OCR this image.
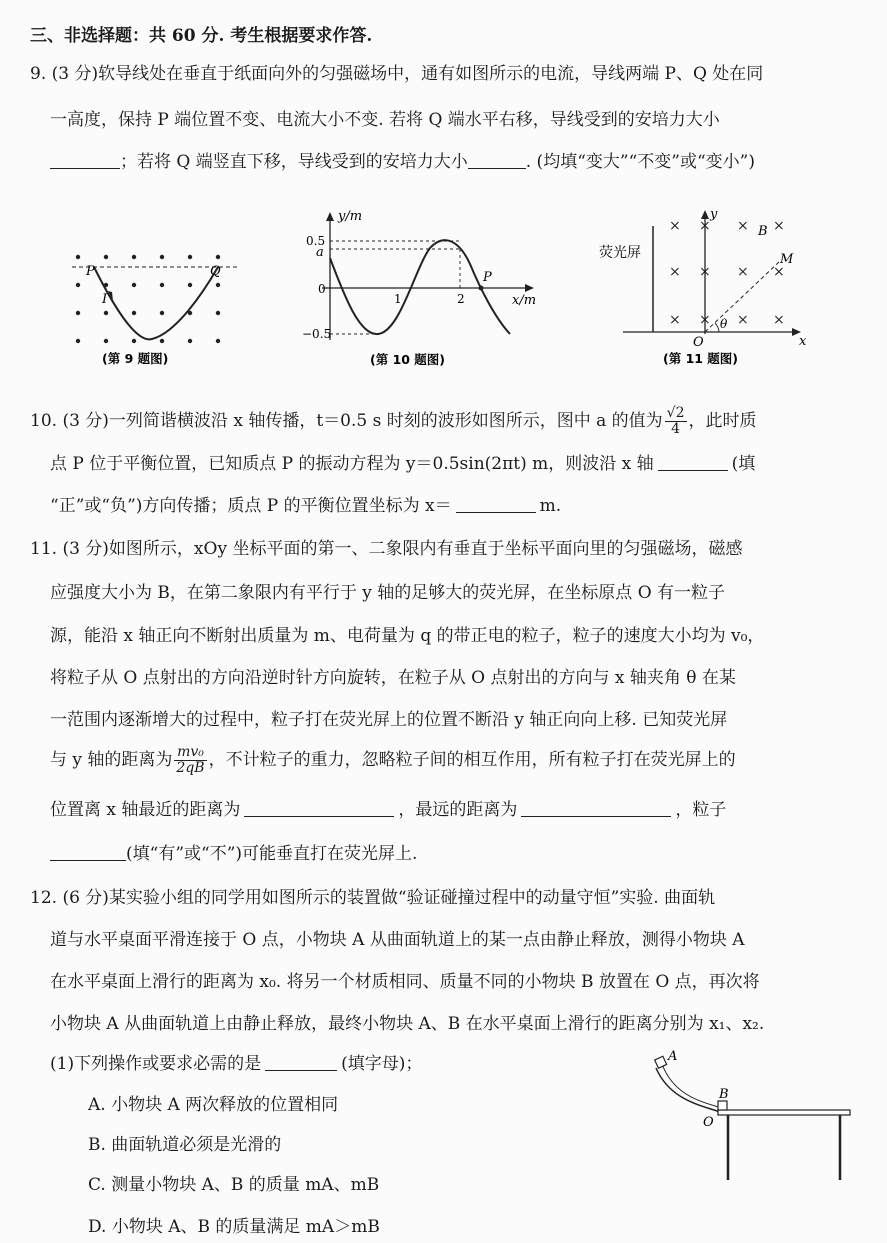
三、非选择题：共 60 分. 考生根据要求作答.
9. (3 分)软导线处在垂直于纸面向外的匀强磁场中，通有如图所示的电流，导线两端 P、Q 处在同
一高度，保持 P 端位置不变、电流大小不变. 若将 Q 端水平右移，导线受到的安培力大小
；若将 Q 端竖直下移，导线受到的安培力大小	. (均填“变大”“不变”或“变小”)
P	Q
I
(第 9 题图)
y/m
x/m
0.5
a
0
−0.5
1	2
P
(第 10 题图)
× × × ×
× × × ×
× × × ×
y
x
O
B
M
θ
荧光屏
(第 11 题图)
10. (3 分)一列简谐横波沿 x 轴传播，t＝0.5 s 时刻的波形如图所示，图中 a 的值为 $\frac{√2}{4}$ ，此时质
点 P 位于平衡位置，已知质点 P 的振动方程为 y＝0.5sin(2πt) m，则波沿 x 轴	(填
“正”或“负”)方向传播；质点 P 的平衡位置坐标为 x＝	m.
11. (3 分)如图所示，xOy 坐标平面的第一、二象限内有垂直于坐标平面向里的匀强磁场，磁感
应强度大小为 B，在第二象限内有平行于 y 轴的足够大的荧光屏，在坐标原点 O 有一粒子
源，能沿 x 轴正向不断射出质量为 m、电荷量为 q 的带正电的粒子，粒子的速度大小均为 v₀，
将粒子从 O 点射出的方向沿逆时针方向旋转，在粒子从 O 点射出的方向与 x 轴夹角 θ 在某
一范围内逐渐增大的过程中，粒子打在荧光屏上的位置不断沿 y 轴正向向上移. 已知荧光屏
与 y 轴的距离为 $\frac{\text{mv₀}}{2qB}$ ，不计粒子的重力，忽略粒子间的相互作用，所有粒子打在荧光屏上的
位置离 x 轴最近的距离为	，最远的距离为	，粒子
(填“有”或“不”)可能垂直打在荧光屏上.
12. (6 分)某实验小组的同学用如图所示的装置做“验证碰撞过程中的动量守恒”实验. 曲面轨
道与水平桌面平滑连接于 O 点，小物块 A 从曲面轨道上的某一点由静止释放，测得小物块 A
在水平桌面上滑行的距离为 x₀. 将另一个材质相同、质量不同的小物块 B 放置在 O 点，再次将
小物块 A 从曲面轨道上由静止释放，最终小物块 A、B 在水平桌面上滑行的距离分别为 x₁、x₂.
(1)下列操作或要求必需的是	(填字母)；
A. 小物块 A 两次释放的位置相同
B. 曲面轨道必须是光滑的
C. 测量小物块 A、B 的质量 mA、mB
D. 小物块 A、B 的质量满足 mA＞mB
A
B
O
